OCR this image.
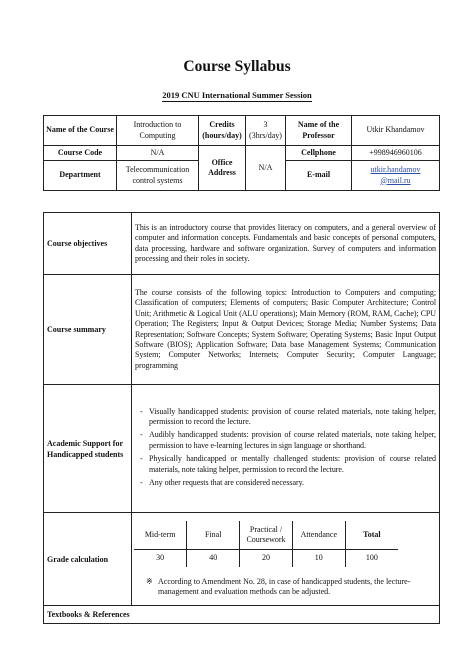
Course Syllabus
2019 CNU International Summer Session
Name of the Course	Introduction to Computing	Credits (hours/day)	3 (3hrs/day)	Name of the Professor	Utkir Khandamov
Course Code	N/A	Office Address	N/A	Cellphone	+998946960106
Department	Telecommunication control systems			E-mail	utkir.handamov
@mail.ru
Course objectives	This is an introductory course that provides literacy on computers, and a general overview of computer and information concepts. Fundamentals and basic concepts of personal computers, data processing, hardware and software organization. Survey of computers and information processing and their roles in society.
Course summary	The course consists of the following topics: Introduction to Computers and computing; Classification of computers; Elements of computers; Basic Computer Architecture; Control Unit; Arithmetic & Logical Unit (ALU operations); Main Memory (ROM, RAM, Cache); CPU Operation; The Registers; Input & Output Devices; Storage Media; Number Systems; Data Representation; Software Concepts; System Software; Operating Systems; Basic Input Output Software (BIOS); Application Software; Data base Management Systems; Communication System; Computer Networks; Internets; Computer Security; Computer Language; programming
Academic Support for Handicapped students	
- Visually handicapped students: provision of course related materials, note taking helper, permission to record the lecture.
- Audibly handicapped students: provision of course related materials, note taking helper, permission to have e-learning lectures in sign language or shorthand.
- Physically handicapped or mentally challenged students: provision of course related materials, note taking helper, permission to record the lecture.
- Any other requests that are considered necessary.

Grade calculation	
Mid-term	Final	Practical / Coursework	Attendance	Total
30	40	20	10	100
※ According to Amendment No. 28, in case of handicapped students, the lecture-management and evaluation methods can be adjusted.

Textbooks & References
